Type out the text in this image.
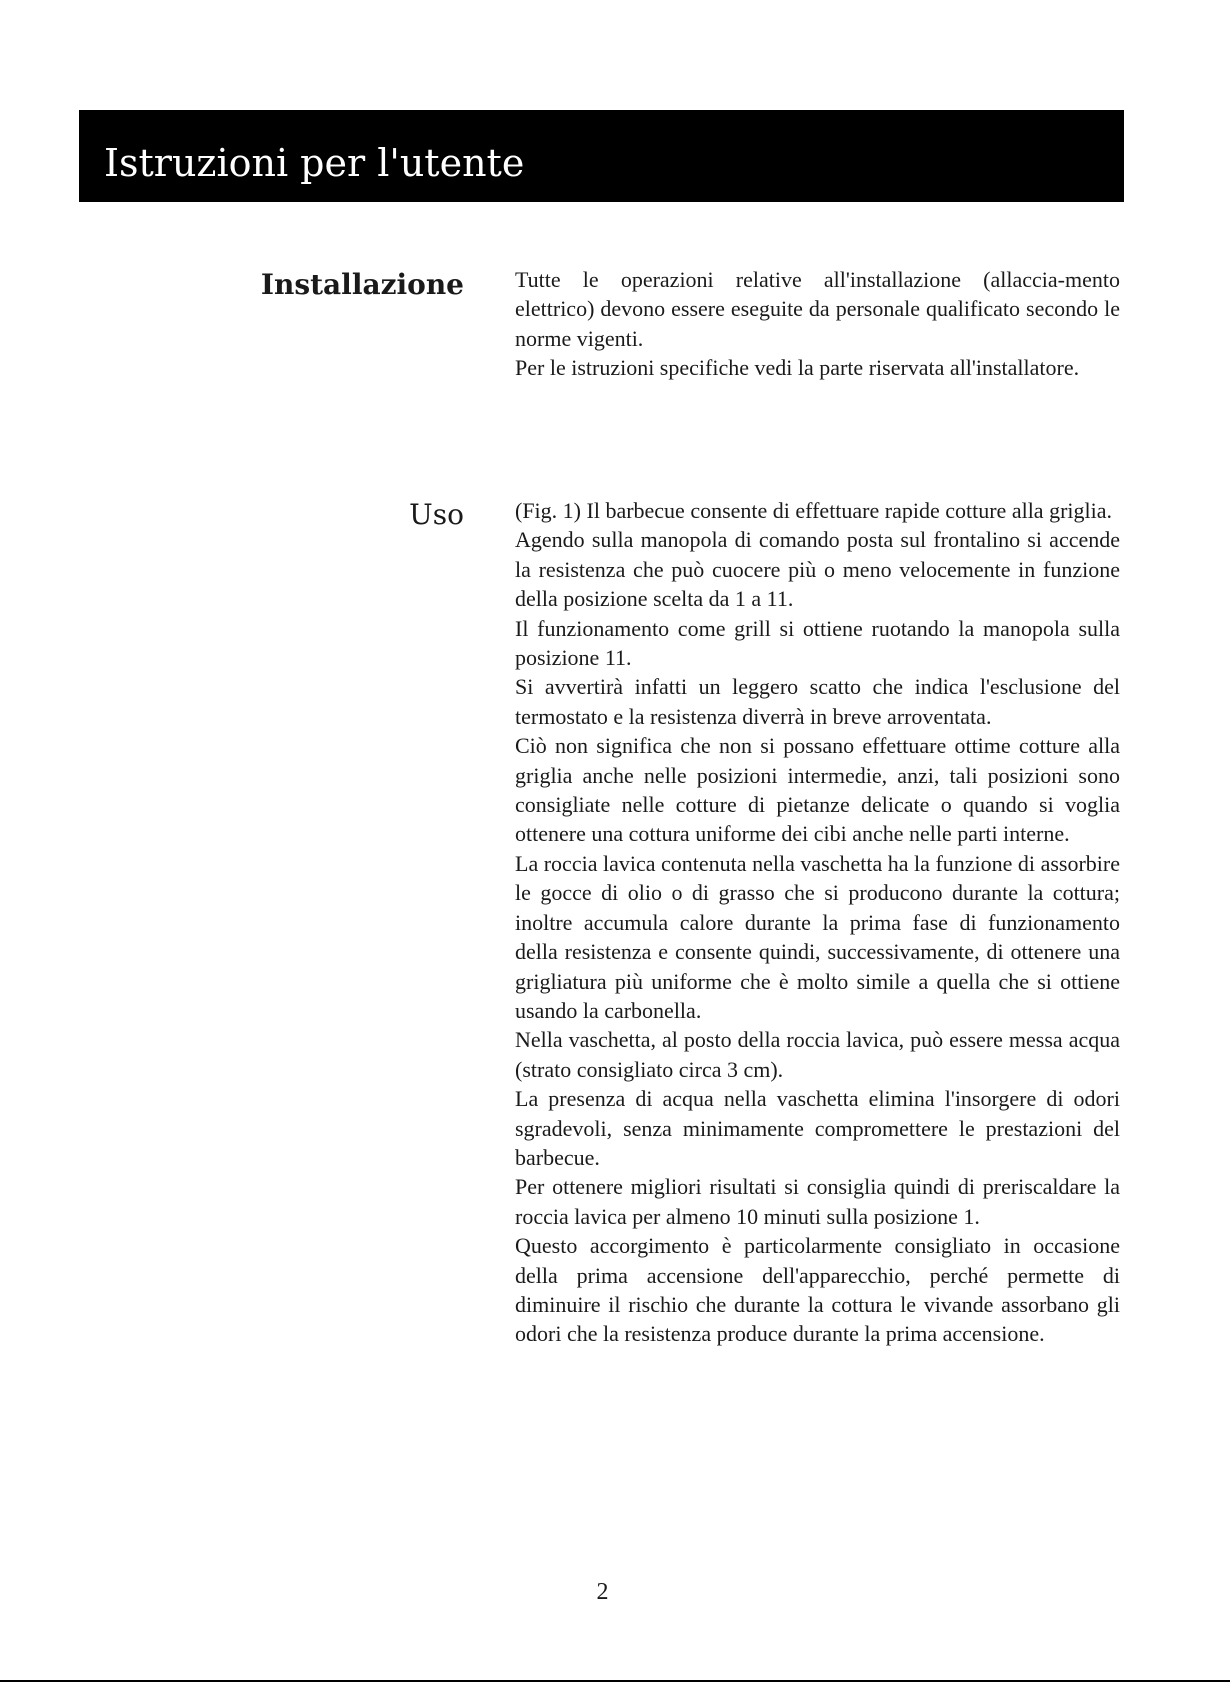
Istruzioni per l'utente
Installazione Tutte le operazioni relative all'installazione (allaccia-mento elettrico) devono essere eseguite da personale qualificato secondo le norme vigenti.

Per le istruzioni specifiche vedi la parte riservata all'installatore.

Uso (Fig. 1) Il barbecue consente di effettuare rapide cotture alla griglia.

Agendo sulla manopola di comando posta sul frontalino si accende la resistenza che può cuocere più o meno velocemente in funzione della posizione scelta da 1 a 11.

Il funzionamento come grill si ottiene ruotando la manopola sulla posizione 11.

Si avvertirà infatti un leggero scatto che indica l'esclusione del termostato e la resistenza diverrà in breve arroventata.

Ciò non significa che non si possano effettuare ottime cotture alla griglia anche nelle posizioni intermedie, anzi, tali posizioni sono consigliate nelle cotture di pietanze delicate o quando si voglia ottenere una cottura uniforme dei cibi anche nelle parti interne.

La roccia lavica contenuta nella vaschetta ha la funzione di assorbire le gocce di olio o di grasso che si producono durante la cottura; inoltre accumula calore durante la prima fase di funzionamento della resistenza e consente quindi, successivamente, di ottenere una grigliatura più uniforme che è molto simile a quella che si ottiene usando la carbonella.

Nella vaschetta, al posto della roccia lavica, può essere messa acqua (strato consigliato circa 3 cm).

La presenza di acqua nella vaschetta elimina l'insorgere di odori sgradevoli, senza minimamente compromettere le prestazioni del barbecue.

Per ottenere migliori risultati si consiglia quindi di preriscaldare la roccia lavica per almeno 10 minuti sulla posizione 1.

Questo accorgimento è particolarmente consigliato in occasione della prima accensione dell'apparecchio, perché permette di diminuire il rischio che durante la cottura le vivande assorbano gli odori che la resistenza produce durante la prima accensione.

2
